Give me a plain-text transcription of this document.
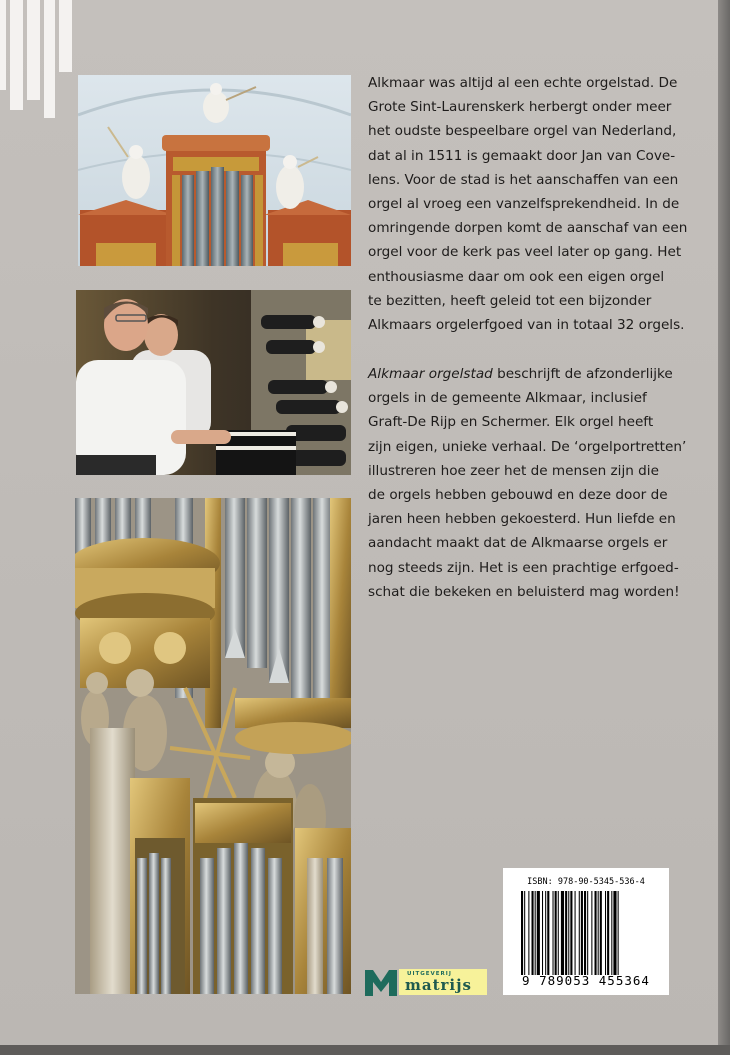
Alkmaar was altijd al een echte orgelstad. De
Grote Sint-Laurenskerk herbergt onder meer
het oudste bespeelbare orgel van Nederland,
dat al in 1511 is gemaakt door Jan van Cove-
lens. Voor de stad is het aanschaffen van een
orgel al vroeg een vanzelfsprekendheid. In de
omringende dorpen komt de aanschaf van een
orgel voor de kerk pas veel later op gang. Het
enthousiasme daar om ook een eigen orgel
te bezitten, heeft geleid tot een bijzonder
Alkmaars orgelerfgoed van in totaal 32 orgels.

Alkmaar orgelstad beschrijft de afzonderlijke
orgels in de gemeente Alkmaar, inclusief
Graft-De Rijp en Schermer. Elk orgel heeft
zijn eigen, unieke verhaal. De ‘orgelportretten’
illustreren hoe zeer het de mensen zijn die
de orgels hebben gebouwd en deze door de
jaren heen hebben gekoesterd. Hun liefde en
aandacht maakt dat de Alkmaarse orgels er
nog steeds zijn. Het is een prachtige erfgoed-
schat die bekeken en beluisterd mag worden!

UITGEVERIJ
matrijs
ISBN: 978-90-5345-536-4
9 789053 455364
